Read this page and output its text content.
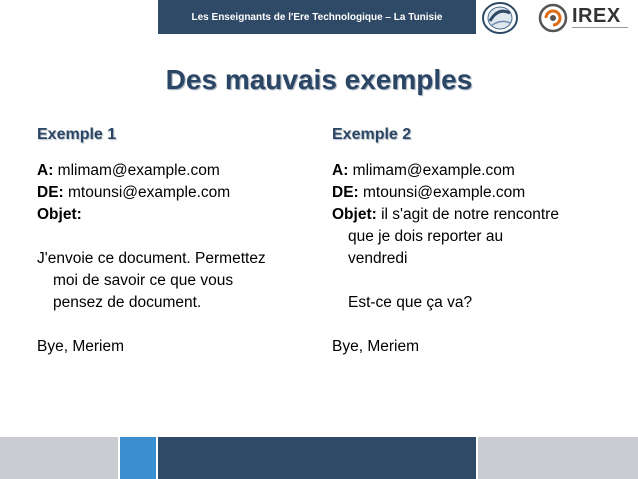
Les Enseignants de l'Ere Technologique – La Tunisie	IREX
Des mauvais exemples
Exemple 1
A: mlimam@example.com
DE: mtounsi@example.com
Objet:
J'envoie ce document. Permettez
moi de savoir ce que vous
pensez de document.
Bye, Meriem
Exemple 2
A: mlimam@example.com
DE: mtounsi@example.com
Objet: il s'agit de notre rencontre
que je dois reporter au
vendredi
Est-ce que ça va?
Bye, Meriem
